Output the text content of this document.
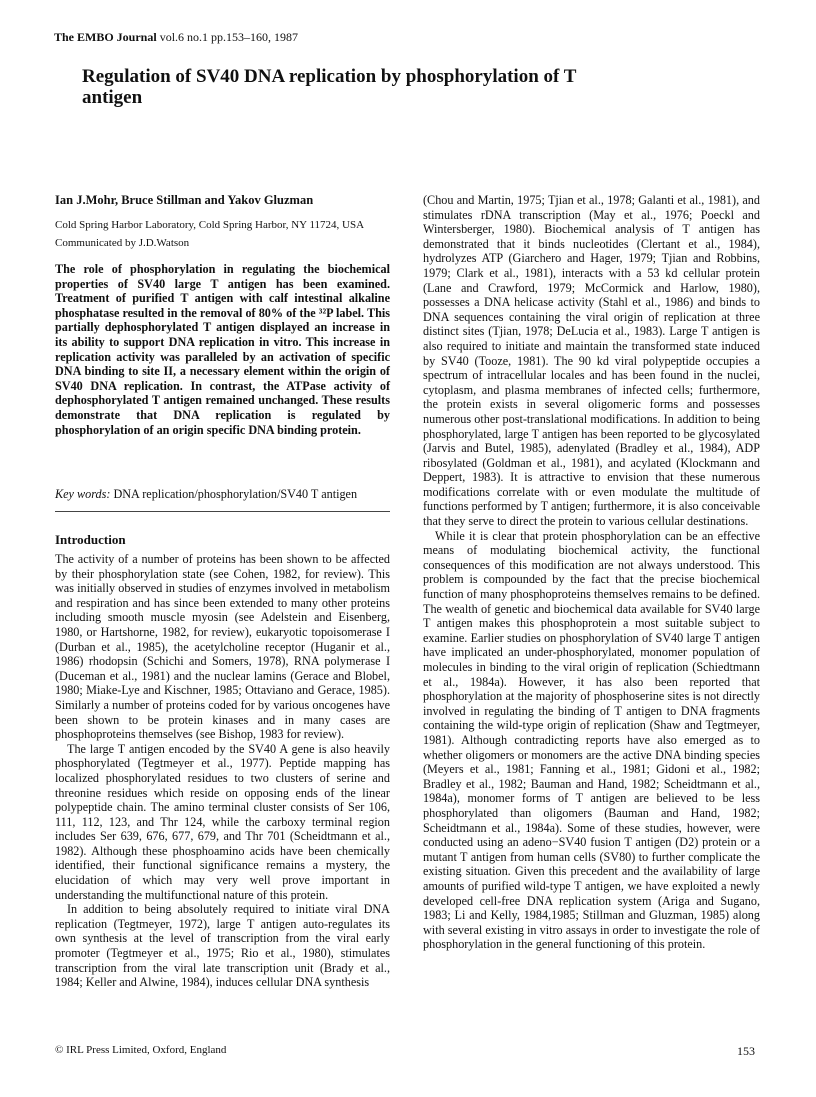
The EMBO Journal vol.6 no.1 pp.153–160, 1987
Regulation of SV40 DNA replication by phosphorylation of T
antigen
Ian J.Mohr, Bruce Stillman and Yakov Gluzman
Cold Spring Harbor Laboratory, Cold Spring Harbor, NY 11724, USA
Communicated by J.D.Watson

The role of phosphorylation in regulating the biochemical properties of SV40 large T antigen has been examined. Treatment of purified T antigen with calf intestinal alkaline phosphatase resulted in the removal of 80% of the ³²P label. This partially dephosphorylated T antigen displayed an increase in its ability to support DNA replication in vitro. This increase in replication activity was paralleled by an activation of specific DNA binding to site II, a necessary element within the origin of SV40 DNA replication. In contrast, the ATPase activity of dephosphorylated T antigen remained unchanged. These results demonstrate that DNA replication is regulated by phosphorylation of an origin specific DNA binding protein.

Key words: DNA replication/phosphorylation/SV40 T antigen

Introduction

The activity of a number of proteins has been shown to be affected by their phosphorylation state (see Cohen, 1982, for review). This was initially observed in studies of enzymes involved in metabolism and respiration and has since been extended to many other proteins including smooth muscle myosin (see Adelstein and Eisenberg, 1980, or Hartshorne, 1982, for review), eukaryotic topoisomerase I (Durban et al., 1985), the acetylcholine receptor (Huganir et al., 1986) rhodopsin (Schichi and Somers, 1978), RNA polymerase I (Duceman et al., 1981) and the nuclear lamins (Gerace and Blobel, 1980; Miake-Lye and Kischner, 1985; Ottaviano and Gerace, 1985). Similarly a number of proteins coded for by various oncogenes have been shown to be protein kinases and in many cases are phosphoproteins themselves (see Bishop, 1983 for review).

The large T antigen encoded by the SV40 A gene is also heavily phosphorylated (Tegtmeyer et al., 1977). Peptide mapping has localized phosphorylated residues to two clusters of serine and threonine residues which reside on opposing ends of the linear polypeptide chain. The amino terminal cluster consists of Ser 106, 111, 112, 123, and Thr 124, while the carboxy terminal region includes Ser 639, 676, 677, 679, and Thr 701 (Scheidtmann et al., 1982). Although these phosphoamino acids have been chemically identified, their functional significance remains a mystery, the elucidation of which may very well prove important in understanding the multifunctional nature of this protein.

In addition to being absolutely required to initiate viral DNA replication (Tegtmeyer, 1972), large T antigen auto-regulates its own synthesis at the level of transcription from the viral early promoter (Tegtmeyer et al., 1975; Rio et al., 1980), stimulates transcription from the viral late transcription unit (Brady et al., 1984; Keller and Alwine, 1984), induces cellular DNA synthesis

(Chou and Martin, 1975; Tjian et al., 1978; Galanti et al., 1981), and stimulates rDNA transcription (May et al., 1976; Poeckl and Wintersberger, 1980). Biochemical analysis of T antigen has demonstrated that it binds nucleotides (Clertant et al., 1984), hydrolyzes ATP (Giarchero and Hager, 1979; Tjian and Robbins, 1979; Clark et al., 1981), interacts with a 53 kd cellular protein (Lane and Crawford, 1979; McCormick and Harlow, 1980), possesses a DNA helicase activity (Stahl et al., 1986) and binds to DNA sequences containing the viral origin of replication at three distinct sites (Tjian, 1978; DeLucia et al., 1983). Large T antigen is also required to initiate and maintain the transformed state induced by SV40 (Tooze, 1981). The 90 kd viral polypeptide occupies a spectrum of intracellular locales and has been found in the nuclei, cytoplasm, and plasma membranes of infected cells; furthermore, the protein exists in several oligomeric forms and possesses numerous other post-translational modifications. In addition to being phosphorylated, large T antigen has been reported to be glycosylated (Jarvis and Butel, 1985), adenylated (Bradley et al., 1984), ADP ribosylated (Goldman et al., 1981), and acylated (Klockmann and Deppert, 1983). It is attractive to envision that these numerous modifications correlate with or even modulate the multitude of functions performed by T antigen; furthermore, it is also conceivable that they serve to direct the protein to various cellular destinations.

While it is clear that protein phosphorylation can be an effective means of modulating biochemical activity, the functional consequences of this modification are not always understood. This problem is compounded by the fact that the precise biochemical function of many phosphoproteins themselves remains to be defined. The wealth of genetic and biochemical data available for SV40 large T antigen makes this phosphoprotein a most suitable subject to examine. Earlier studies on phosphorylation of SV40 large T antigen have implicated an under-phosphorylated, monomer population of molecules in binding to the viral origin of replication (Schiedtmann et al., 1984a). However, it has also been reported that phosphorylation at the majority of phosphoserine sites is not directly involved in regulating the binding of T antigen to DNA fragments containing the wild-type origin of replication (Shaw and Tegtmeyer, 1981). Although contradicting reports have also emerged as to whether oligomers or monomers are the active DNA binding species (Meyers et al., 1981; Fanning et al., 1981; Gidoni et al., 1982; Bradley et al., 1982; Bauman and Hand, 1982; Scheidtmann et al., 1984a), monomer forms of T antigen are believed to be less phosphorylated than oligomers (Bauman and Hand, 1982; Scheidtmann et al., 1984a). Some of these studies, however, were conducted using an adeno−SV40 fusion T antigen (D2) protein or a mutant T antigen from human cells (SV80) to further complicate the existing situation. Given this precedent and the availability of large amounts of purified wild-type T antigen, we have exploited a newly developed cell-free DNA replication system (Ariga and Sugano, 1983; Li and Kelly, 1984,1985; Stillman and Gluzman, 1985) along with several existing in vitro assays in order to investigate the role of phosphorylation in the general functioning of this protein.

© IRL Press Limited, Oxford, England	153
